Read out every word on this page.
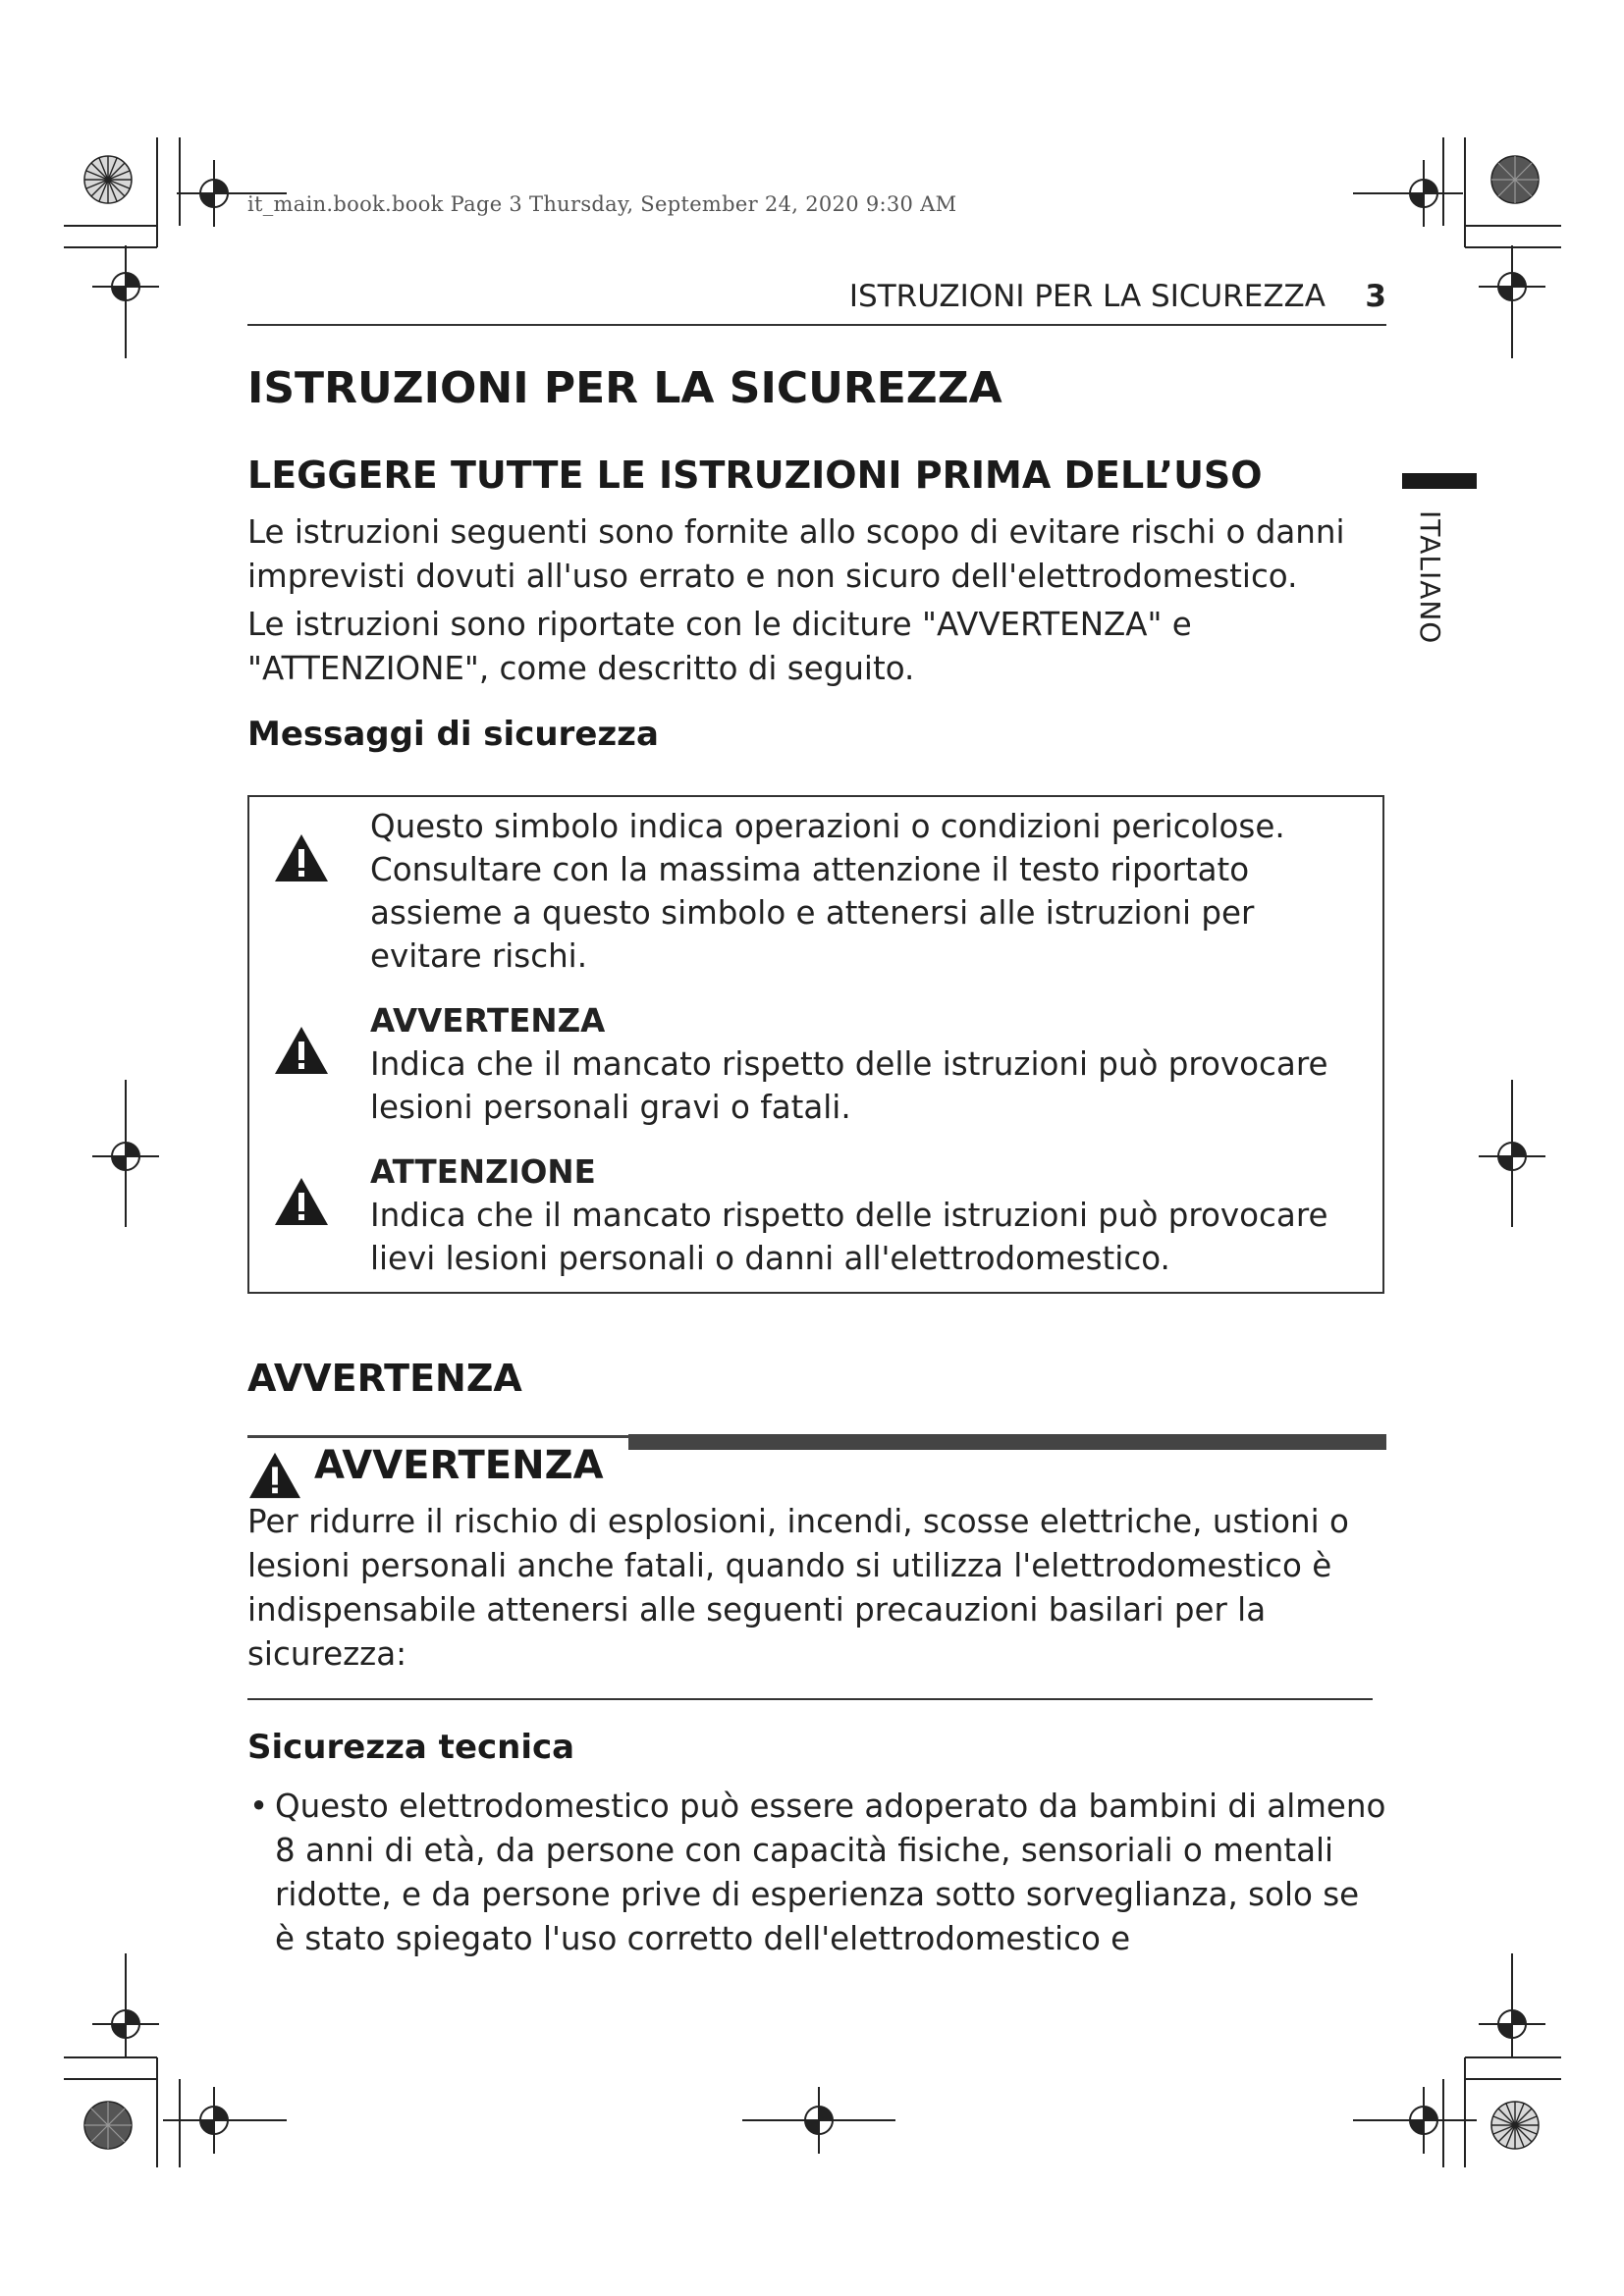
it_main.book.book Page 3 Thursday, September 24, 2020 9:30 AM
ISTRUZIONI PER LA SICUREZZA 3
ITALIANO
ISTRUZIONI PER LA SICUREZZA
LEGGERE TUTTE LE ISTRUZIONI PRIMA DELL’USO

Le istruzioni seguenti sono fornite allo scopo di evitare rischi o danni imprevisti dovuti all'uso errato e non sicuro dell'elettrodomestico.

Le istruzioni sono riportate con le diciture "AVVERTENZA" e "ATTENZIONE", come descritto di seguito.

Messaggi di sicurezza
Questo simbolo indica operazioni o condizioni pericolose. Consultare con la massima attenzione il testo riportato assieme a questo simbolo e attenersi alle istruzioni per evitare rischi.
AVVERTENZA
Indica che il mancato rispetto delle istruzioni può provocare lesioni personali gravi o fatali.
ATTENZIONE
Indica che il mancato rispetto delle istruzioni può provocare lievi lesioni personali o danni all'elettrodomestico.
AVVERTENZA
AVVERTENZA

Per ridurre il rischio di esplosioni, incendi, scosse elettriche, ustioni o lesioni personali anche fatali, quando si utilizza l'elettrodomestico è indispensabile attenersi alle seguenti precauzioni basilari per la sicurezza:

Sicurezza tecnica
• Questo elettrodomestico può essere adoperato da bambini di almeno 8 anni di età, da persone con capacità fisiche, sensoriali o mentali ridotte, e da persone prive di esperienza sotto sorveglianza, solo se è stato spiegato l'uso corretto dell'elettrodomestico e
